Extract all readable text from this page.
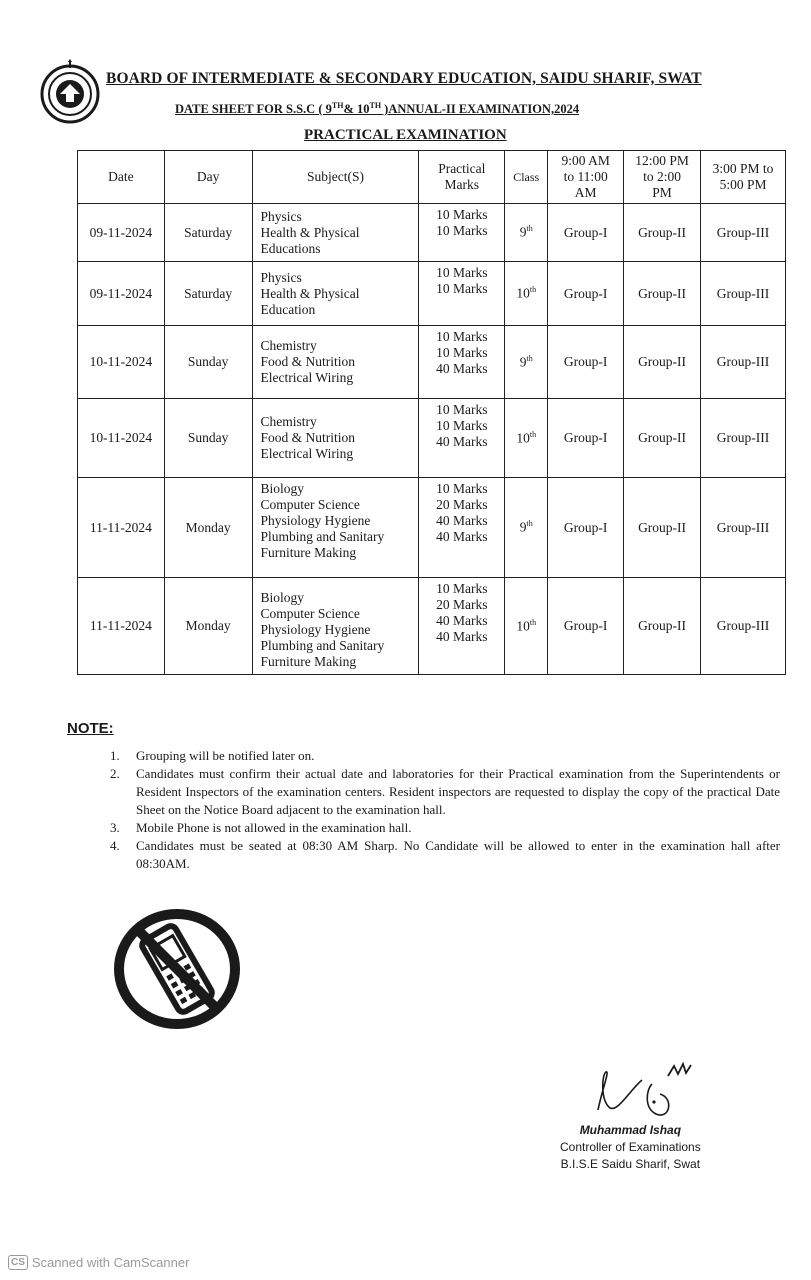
BOARD OF INTERMEDIATE & SECONDARY EDUCATION, SAIDU SHARIF, SWAT
DATE SHEET FOR S.S.C ( 9TH& 10TH )ANNUAL-II EXAMINATION,2024
PRACTICAL EXAMINATION
Date	Day	Subject(S)	Practical
Marks	Class	9:00 AM
to 11:00
AM	12:00 PM
to 2:00
PM	3:00 PM to
5:00 PM

09-11-2024	Saturday	Physics
Health & Physical
Educations	10 Marks
10 Marks	9th	Group-I	Group-II	Group-III
09-11-2024	Saturday	Physics
Health & Physical
Education	10 Marks
10 Marks	10th	Group-I	Group-II	Group-III
10-11-2024	Sunday	Chemistry
Food & Nutrition
Electrical Wiring	10 Marks
10 Marks
40 Marks	9th	Group-I	Group-II	Group-III
10-11-2024	Sunday	Chemistry
Food & Nutrition
Electrical Wiring	10 Marks
10 Marks
40 Marks	10th	Group-I	Group-II	Group-III
11-11-2024	Monday	Biology
Computer Science
Physiology Hygiene
Plumbing and Sanitary
Furniture Making	10 Marks
20 Marks
40 Marks
40 Marks	9th	Group-I	Group-II	Group-III
11-11-2024	Monday	Biology
Computer Science
Physiology Hygiene
Plumbing and Sanitary
Furniture Making	10 Marks
20 Marks
40 Marks
40 Marks	10th	Group-I	Group-II	Group-III
NOTE:
1. Grouping will be notified later on.
2. Candidates must confirm their actual date and laboratories for their Practical examination from the Superintendents or Resident Inspectors of the examination centers. Resident inspectors are requested to display the copy of the practical Date Sheet on the Notice Board adjacent to the examination hall.
3. Mobile Phone is not allowed in the examination hall.
4. Candidates must be seated at 08:30 AM Sharp. No Candidate will be allowed to enter in the examination hall after 08:30AM.
Muhammad Ishaq
Controller of Examinations
B.I.S.E Saidu Sharif, Swat
CS Scanned with CamScanner
